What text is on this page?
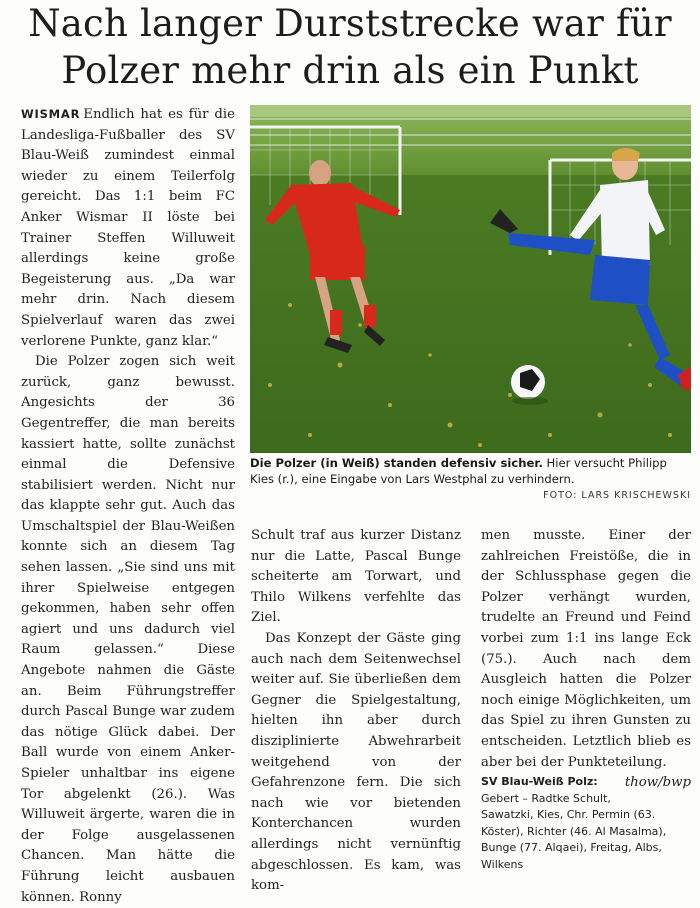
Nach langer Durststrecke war für Polzer mehr drin als ein Punkt

WISMAR Endlich hat es für die Landesliga-Fußballer des SV Blau-Weiß zumindest einmal wieder zu einem Teilerfolg gereicht. Das 1:1 beim FC Anker Wismar II löste bei Trainer Steffen Willuweit allerdings keine große Begeisterung aus. „Da war mehr drin. Nach diesem Spielverlauf waren das zwei verlorene Punkte, ganz klar.“

Die Polzer zogen sich weit zurück, ganz bewusst. Angesichts der 36 Gegentreffer, die man bereits kassiert hatte, sollte zunächst einmal die Defensive stabilisiert werden. Nicht nur das klappte sehr gut. Auch das Umschaltspiel der Blau-Weißen konnte sich an diesem Tag sehen lassen. „Sie sind uns mit ihrer Spielweise entgegen gekommen, haben sehr offen agiert und uns dadurch viel Raum gelassen.“ Diese Angebote nahmen die Gäste an. Beim Führungstreffer durch Pascal Bunge war zudem das nötige Glück dabei. Der Ball wurde von einem Anker-Spieler unhaltbar ins eigene Tor abgelenkt (26.). Was Willuweit ärgerte, waren die in der Folge ausgelassenen Chancen. Man hätte die Führung leicht ausbauen können. Ronny

Die Polzer (in Weiß) standen defensiv sicher. Hier versucht Philipp Kies (r.), eine Eingabe von Lars Westphal zu verhindern.
FOTO: LARS KRISCHEWSKI

Schult traf aus kurzer Distanz nur die Latte, Pascal Bunge scheiterte am Torwart, und Thilo Wilkens verfehlte das Ziel.

Das Konzept der Gäste ging auch nach dem Seitenwechsel weiter auf. Sie überließen dem Gegner die Spielgestaltung, hielten ihn aber durch disziplinierte Abwehrarbeit weitgehend von der Gefahrenzone fern. Die sich nach wie vor bietenden Konterchancen wurden allerdings nicht vernünftig abgeschlossen. Es kam, was kom-

men musste. Einer der zahlreichen Freistöße, die in der Schlussphase gegen die Polzer verhängt wurden, trudelte an Freund und Feind vorbei zum 1:1 ins lange Eck (75.). Auch nach dem Ausgleich hatten die Polzer noch einige Möglichkeiten, um das Spiel zu ihren Gunsten zu entscheiden. Letztlich blieb es aber bei der Punkteteilung.
thow/bwp

SV Blau-Weiß Polz: Gebert – Radtke Schult, Sawatzki, Kies, Chr. Permin (63. Köster), Richter (46. Al Masalma), Bunge (77. Alqaei), Freitag, Albs, Wilkens
